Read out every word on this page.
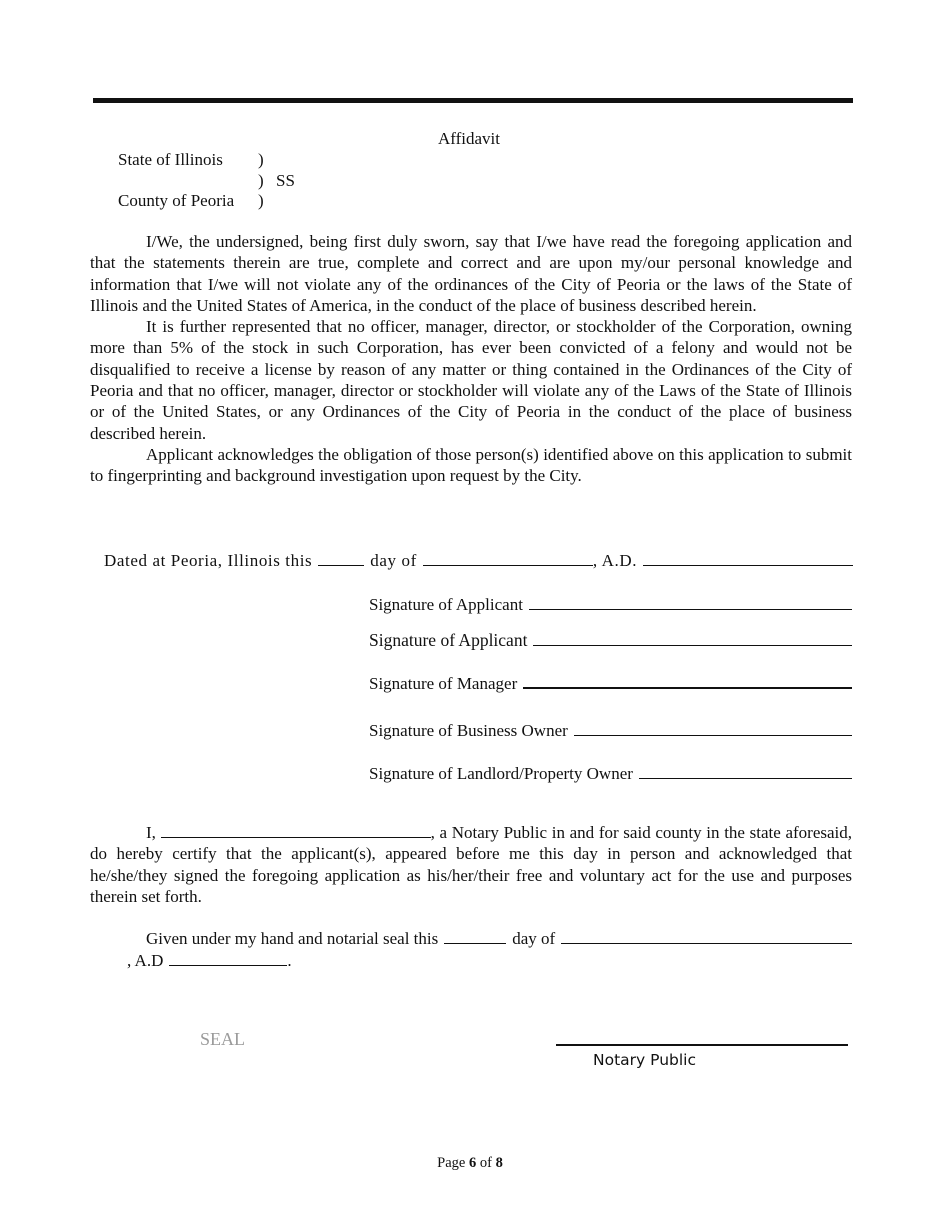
Affidavit
State of Illinois	)
) SS
County of Peoria	)

I/We, the undersigned, being first duly sworn, say that I/we have read the foregoing application and that the statements therein are true, complete and correct and are upon my/our personal knowledge and information that I/we will not violate any of the ordinances of the City of Peoria or the laws of the State of Illinois and the United States of America, in the conduct of the place of business described herein.

It is further represented that no officer, manager, director, or stockholder of the Corporation, owning more than 5% of the stock in such Corporation, has ever been convicted of a felony and would not be disqualified to receive a license by reason of any matter or thing contained in the Ordinances of the City of Peoria and that no officer, manager, director or stockholder will violate any of the Laws of the State of Illinois or of the United States, or any Ordinances of the City of Peoria in the conduct of the place of business described herein.

Applicant acknowledges the obligation of those person(s) identified above on this application to submit to fingerprinting and background investigation upon request by the City.

Dated at Peoria, Illinois this	day of	, A.D.
Signature of Applicant
Signature of Applicant
Signature of Manager
Signature of Business Owner
Signature of Landlord/Property Owner

I,	, a Notary Public in and for said county in the state aforesaid, do hereby certify that the applicant(s), appeared before me this day in person and acknowledged that he/she/they signed the foregoing application as his/her/their free and voluntary act for the use and purposes therein set forth.

Given under my hand and notarial seal this	day of
, A.D	.
SEAL
Notary Public
Page 6 of 8
